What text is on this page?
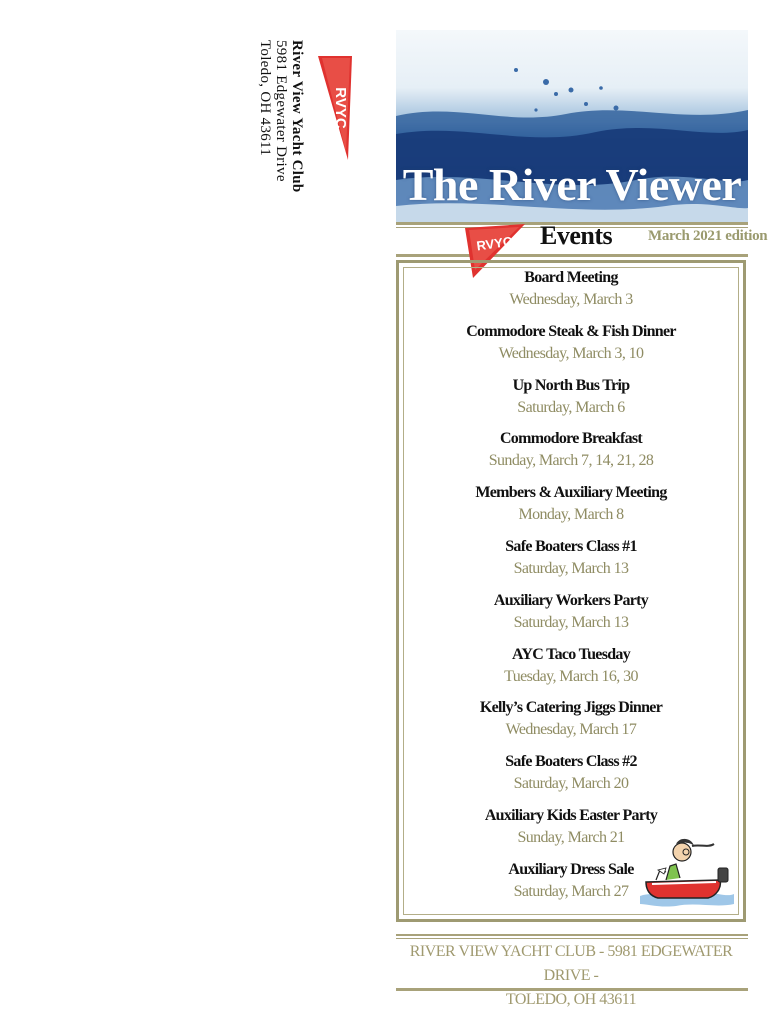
River View Yacht Club
5981 Edgewater Drive
Toledo, OH 43611	RVYC
The River Viewer
RVYC Events March 2021 edition
Board Meeting
Wednesday, March 3
Commodore Steak & Fish Dinner
Wednesday, March 3, 10
Up North Bus Trip
Saturday, March 6
Commodore Breakfast
Sunday, March 7, 14, 21, 28
Members & Auxiliary Meeting
Monday, March 8
Safe Boaters Class #1
Saturday, March 13
Auxiliary Workers Party
Saturday, March 13
AYC Taco Tuesday
Tuesday, March 16, 30
Kelly’s Catering Jiggs Dinner
Wednesday, March 17
Safe Boaters Class #2
Saturday, March 20
Auxiliary Kids Easter Party
Sunday, March 21
Auxiliary Dress Sale
Saturday, March 27
RIVER VIEW YACHT CLUB - 5981 EDGEWATER DRIVE -
TOLEDO, OH 43611
